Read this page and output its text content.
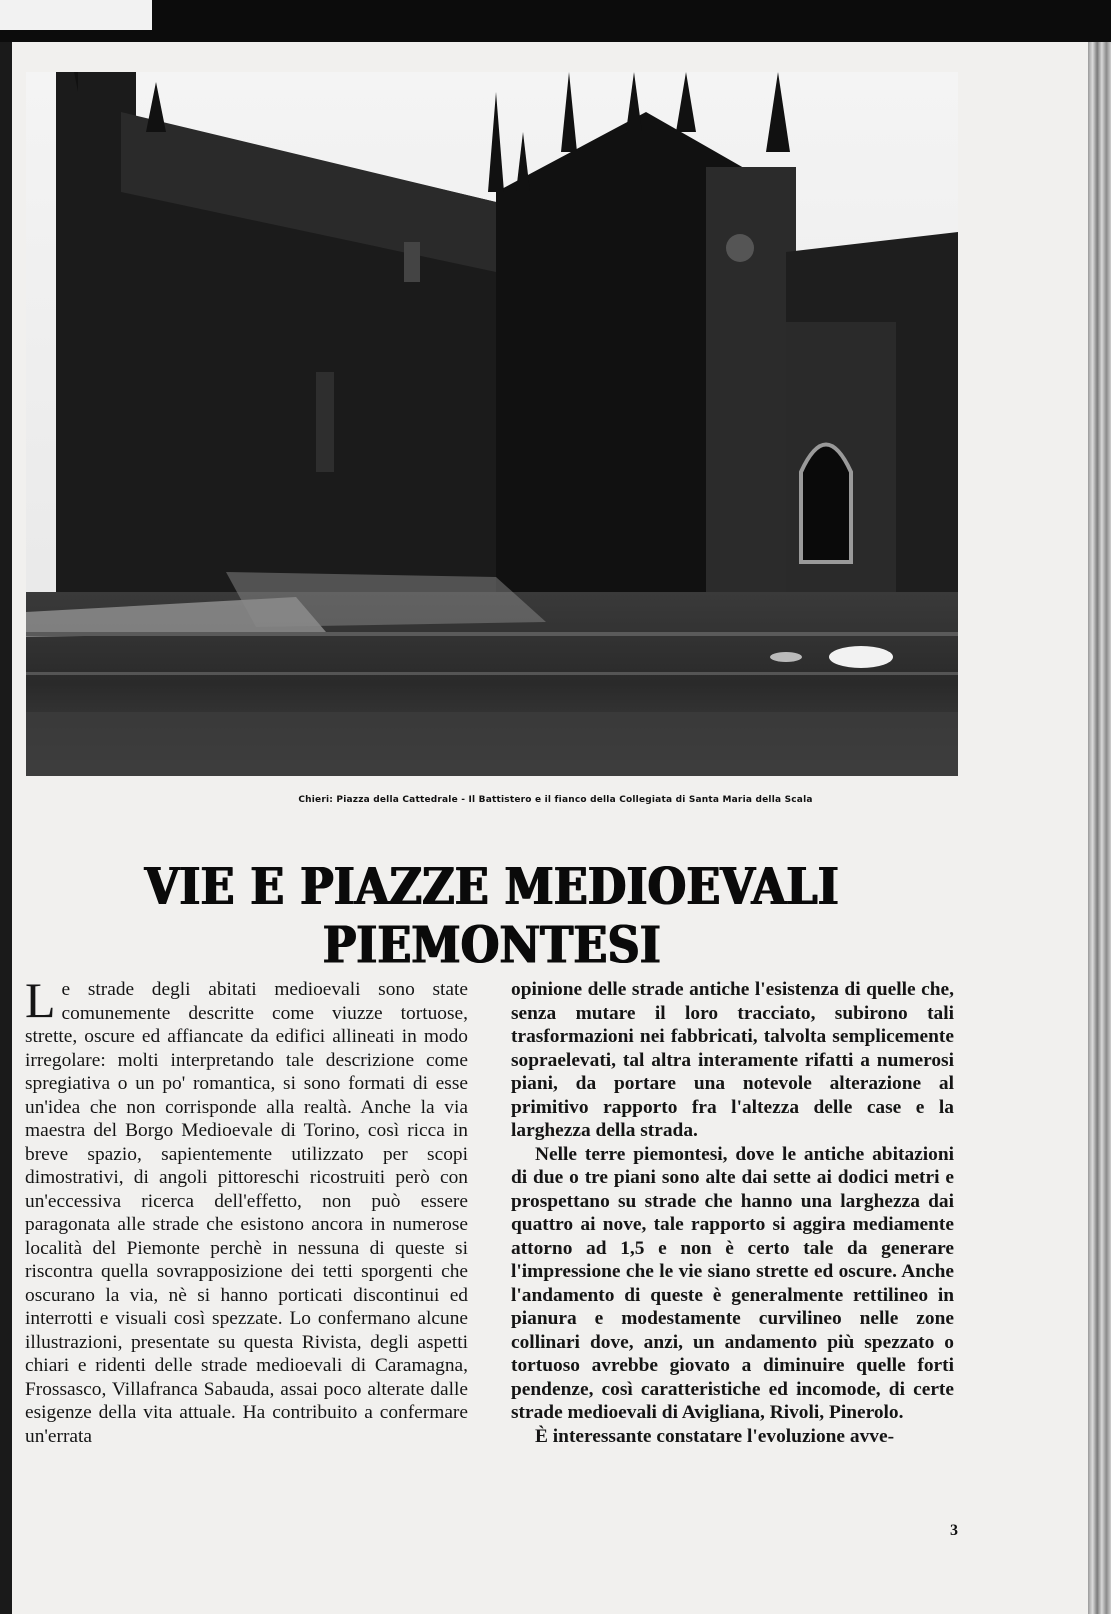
Chieri: Piazza della Cattedrale - Il Battistero e il fianco della Collegiata di Santa Maria della Scala
VIE E PIAZZE MEDIOEVALI PIEMONTESI

Le strade degli abitati medioevali sono state comunemente descritte come viuzze tortuose, strette, oscure ed affiancate da edifici allineati in modo irregolare: molti interpretando tale descrizione come spregiativa o un po' romantica, si sono formati di esse un'idea che non corrisponde alla realtà. Anche la via maestra del Borgo Medioevale di Torino, così ricca in breve spazio, sapientemente utilizzato per scopi dimostrativi, di angoli pittoreschi ricostruiti però con un'eccessiva ricerca dell'effetto, non può essere paragonata alle strade che esistono ancora in numerose località del Piemonte perchè in nessuna di queste si riscontra quella sovrapposizione dei tetti sporgenti che oscurano la via, nè si hanno porticati discontinui ed interrotti e visuali così spezzate. Lo confermano alcune illustrazioni, presentate su questa Rivista, degli aspetti chiari e ridenti delle strade medioevali di Caramagna, Frossasco, Villafranca Sabauda, assai poco alterate dalle esigenze della vita attuale. Ha contribuito a confermare un'errata

opinione delle strade antiche l'esistenza di quelle che, senza mutare il loro tracciato, subirono tali trasformazioni nei fabbricati, talvolta semplicemente sopraelevati, tal altra interamente rifatti a numerosi piani, da portare una notevole alterazione al primitivo rapporto fra l'altezza delle case e la larghezza della strada.

Nelle terre piemontesi, dove le antiche abitazioni di due o tre piani sono alte dai sette ai dodici metri e prospettano su strade che hanno una larghezza dai quattro ai nove, tale rapporto si aggira mediamente attorno ad 1,5 e non è certo tale da generare l'impressione che le vie siano strette ed oscure. Anche l'andamento di queste è generalmente rettilineo in pianura e modestamente curvilineo nelle zone collinari dove, anzi, un andamento più spezzato o tortuoso avrebbe giovato a diminuire quelle forti pendenze, così caratteristiche ed incomode, di certe strade medioevali di Avigliana, Rivoli, Pinerolo.

È interessante constatare l'evoluzione avve-

3
